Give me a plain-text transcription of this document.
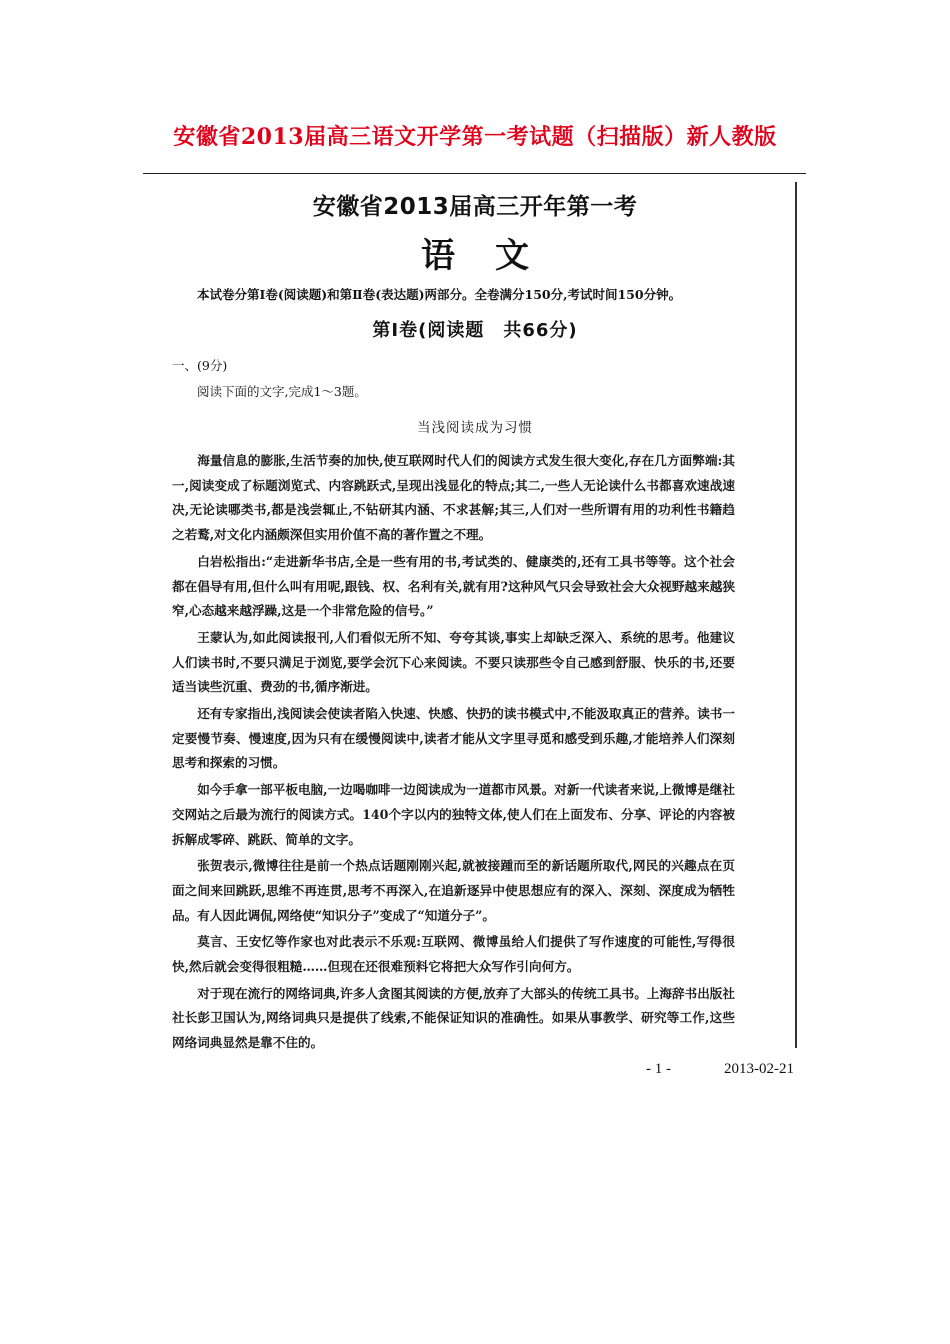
安徽省2013届高三语文开学第一考试题（扫描版）新人教版
安徽省2013届高三开年第一考
语文
本试卷分第Ⅰ卷(阅读题)和第Ⅱ卷(表达题)两部分。全卷满分150分,考试时间150分钟。
第Ⅰ卷(阅读题　共66分)
一、(9分)
阅读下面的文字,完成1～3题。
当浅阅读成为习惯

海量信息的膨胀,生活节奏的加快,使互联网时代人们的阅读方式发生很大变化,存在几方面弊端:其一,阅读变成了标题浏览式、内容跳跃式,呈现出浅显化的特点;其二,一些人无论读什么书都喜欢速战速决,无论读哪类书,都是浅尝辄止,不钻研其内涵、不求甚解;其三,人们对一些所谓有用的功利性书籍趋之若鹜,对文化内涵颇深但实用价值不高的著作置之不理。

白岩松指出:“走进新华书店,全是一些有用的书,考试类的、健康类的,还有工具书等等。这个社会都在倡导有用,但什么叫有用呢,跟钱、权、名利有关,就有用?这种风气只会导致社会大众视野越来越狭窄,心态越来越浮躁,这是一个非常危险的信号。”

王蒙认为,如此阅读报刊,人们看似无所不知、夸夸其谈,事实上却缺乏深入、系统的思考。他建议人们读书时,不要只满足于浏览,要学会沉下心来阅读。不要只读那些令自己感到舒服、快乐的书,还要适当读些沉重、费劲的书,循序渐进。

还有专家指出,浅阅读会使读者陷入快速、快感、快扔的读书模式中,不能汲取真正的营养。读书一定要慢节奏、慢速度,因为只有在缓慢阅读中,读者才能从文字里寻觅和感受到乐趣,才能培养人们深刻思考和探索的习惯。

如今手拿一部平板电脑,一边喝咖啡一边阅读成为一道都市风景。对新一代读者来说,上微博是继社交网站之后最为流行的阅读方式。140个字以内的独特文体,使人们在上面发布、分享、评论的内容被拆解成零碎、跳跃、简单的文字。

张贺表示,微博往往是前一个热点话题刚刚兴起,就被接踵而至的新话题所取代,网民的兴趣点在页面之间来回跳跃,思维不再连贯,思考不再深入,在追新逐异中使思想应有的深入、深刻、深度成为牺牲品。有人因此调侃,网络使“知识分子”变成了“知道分子”。

莫言、王安忆等作家也对此表示不乐观:互联网、微博虽给人们提供了写作速度的可能性,写得很快,然后就会变得很粗糙……但现在还很难预料它将把大众写作引向何方。

对于现在流行的网络词典,许多人贪图其阅读的方便,放弃了大部头的传统工具书。上海辞书出版社社长彭卫国认为,网络词典只是提供了线索,不能保证知识的准确性。如果从事教学、研究等工作,这些网络词典显然是靠不住的。

- 1 -	2013-02-21
